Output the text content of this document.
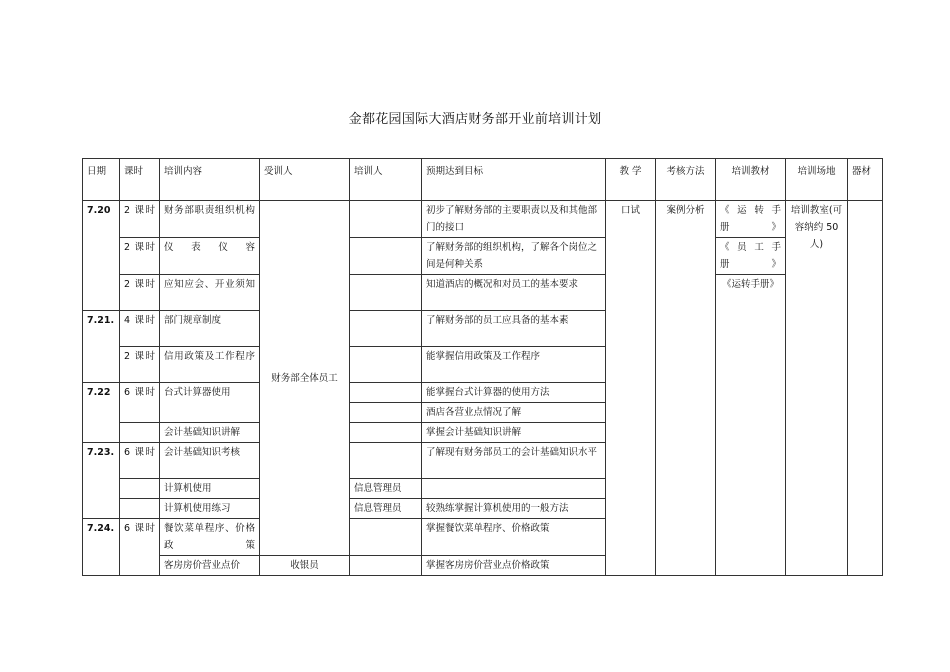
金都花园国际大酒店财务部开业前培训计划
日期	课时	培训内容	受训人	培训人	预期达到目标	教 学	考核方法	培训教材	培训场地	器材
7.20	2 课时	财务部职责组织机构	财务部全体员工		初步了解财务部的主要职责以及和其他部门的接口	口试	案例分析	《 运 转 手 册》	培训教室(可容纳约 50 人)	
	2 课时	仪 表 仪 容			了解财务部的组织机构，了解各个岗位之间是何种关系			《 员 工 手 册》		
	2 课时	应知应会、开业须知			知道酒店的概况和对员工的基本要求			《运转手册》		
7.21.	4 课时	部门规章制度			了解财务部的员工应具备的基本素					
	2 课时	信用政策及工作程序			能掌握信用政策及工作程序					
7.22	6 课时	台式计算器使用			能掌握台式计算器的使用方法					
					酒店各营业点情况了解					
		会计基础知识讲解			掌握会计基础知识讲解					
7.23.	6 课时	会计基础知识考核			了解现有财务部员工的会计基础知识水平					
		计算机使用		信息管理员						
		计算机使用练习		信息管理员	较熟练掌握计算机使用的一般方法					
7.24.	6 课时	餐饮菜单程序、价格政策			掌握餐饮菜单程序、价格政策					
		客房房价营业点价	收银员		掌握客房房价营业点价格政策					
